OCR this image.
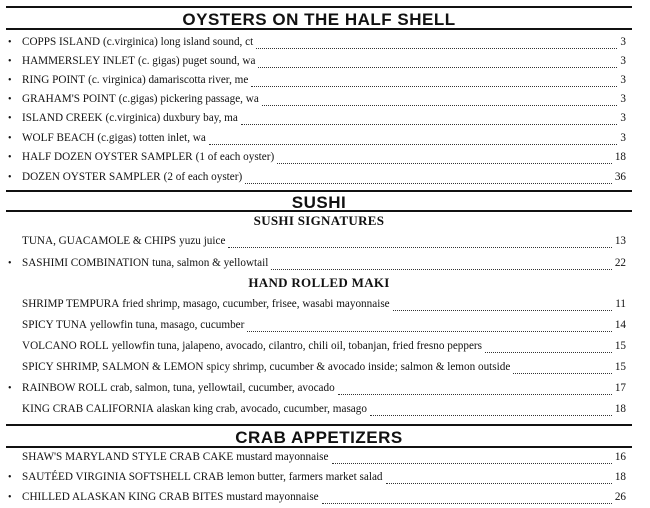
OYSTERS ON THE HALF SHELL
• COPPS ISLAND (c.virginica) long island sound, ct	3
• HAMMERSLEY INLET (c. gigas) puget sound, wa	3
• RING POINT (c. virginica) damariscotta river, me	3
• GRAHAM'S POINT (c.gigas) pickering passage, wa	3
• ISLAND CREEK (c.virginica) duxbury bay, ma	3
• WOLF BEACH (c.gigas) totten inlet, wa	3
• HALF DOZEN OYSTER SAMPLER (1 of each oyster)	18
• DOZEN OYSTER SAMPLER (2 of each oyster)	36
SUSHI
SUSHI SIGNATURES
TUNA, GUACAMOLE & CHIPS yuzu juice	13
• SASHIMI COMBINATION tuna, salmon & yellowtail	22
HAND ROLLED MAKI
SHRIMP TEMPURA fried shrimp, masago, cucumber, frisee, wasabi mayonnaise	11
SPICY TUNA yellowfin tuna, masago, cucumber	14
VOLCANO ROLL yellowfin tuna, jalapeno, avocado, cilantro, chili oil, tobanjan, fried fresno peppers	15
SPICY SHRIMP, SALMON & LEMON spicy shrimp, cucumber & avocado inside; salmon & lemon outside	15
• RAINBOW ROLL crab, salmon, tuna, yellowtail, cucumber, avocado	17
KING CRAB CALIFORNIA alaskan king crab, avocado, cucumber, masago	18
CRAB APPETIZERS
SHAW'S MARYLAND STYLE CRAB CAKE mustard mayonnaise	16
• SAUTÉED VIRGINIA SOFTSHELL CRAB lemon butter, farmers market salad	18
• CHILLED ALASKAN KING CRAB BITES mustard mayonnaise	26
